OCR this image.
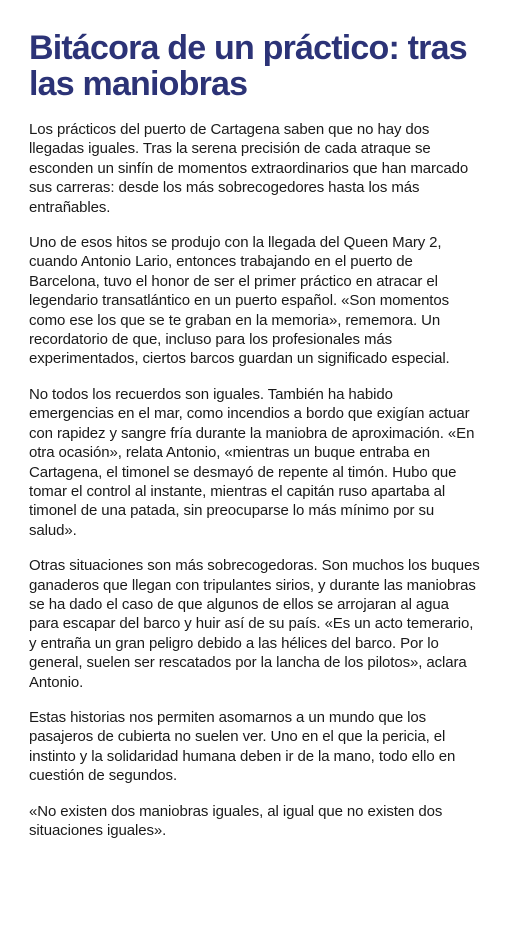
Bitácora de un práctico: tras las maniobras

Los prácticos del puerto de Cartagena saben que no hay dos llegadas iguales. Tras la serena precisión de cada atraque se esconden un sinfín de momentos extraordinarios que han marcado sus carreras: desde los más sobrecogedores hasta los más entrañables.

Uno de esos hitos se produjo con la llegada del Queen Mary 2, cuando Antonio Lario, entonces trabajando en el puerto de Barcelona, tuvo el honor de ser el primer práctico en atracar el legendario transatlántico en un puerto español. «Son momentos como ese los que se te graban en la memoria», rememora. Un recordatorio de que, incluso para los profesionales más experimentados, ciertos barcos guardan un significado especial.

No todos los recuerdos son iguales. También ha habido emergencias en el mar, como incendios a bordo que exigían actuar con rapidez y sangre fría durante la maniobra de aproximación. «En otra ocasión», relata Antonio, «mientras un buque entraba en Cartagena, el timonel se desmayó de repente al timón. Hubo que tomar el control al instante, mientras el capitán ruso apartaba al timonel de una patada, sin preocuparse lo más mínimo por su salud».

Otras situaciones son más sobrecogedoras. Son muchos los buques ganaderos que llegan con tripulantes sirios, y durante las maniobras se ha dado el caso de que algunos de ellos se arrojaran al agua para escapar del barco y huir así de su país. «Es un acto temerario, y entraña un gran peligro debido a las hélices del barco. Por lo general, suelen ser rescatados por la lancha de los pilotos», aclara Antonio.

Estas historias nos permiten asomarnos a un mundo que los pasajeros de cubierta no suelen ver. Uno en el que la pericia, el instinto y la solidaridad humana deben ir de la mano, todo ello en cuestión de segundos.

«No existen dos maniobras iguales, al igual que no existen dos situaciones iguales».
